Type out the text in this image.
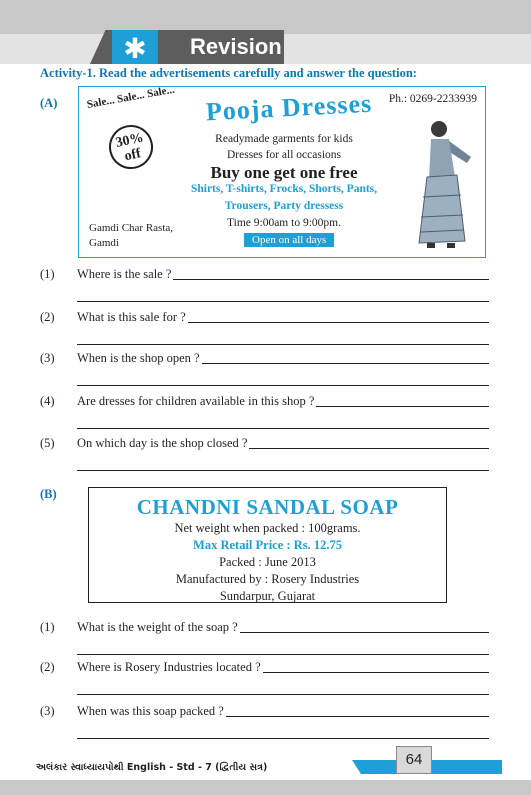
✱	Revision
Activity-1. Read the advertisements carefully and answer the question:
(A)	Sale... Sale... Sale...
30%
off
Ph.: 0269-2233939
Pooja Dresses
Readymade garments for kids
Dresses for all occasions
Buy one get one free
Shirts, T-shirts, Frocks, Shorts, Pants,
Trousers, Party dressess
Time 9:00am to 9:00pm.
Open on all days
Gamdi Char Rasta,
Gamdi
(1) Where is the sale ?
(2) What is this sale for ?
(3) When is the shop open ?
(4) Are dresses for children available in this shop ?
(5) On which day is the shop closed ?
(B)
CHANDNI SANDAL SOAP
Net weight when packed : 100grams.
Max Retail Price : Rs. 12.75
Packed : June 2013
Manufactured by : Rosery Industries
Sundarpur, Gujarat
(1) What is the weight of the soap ?
(2) Where is Rosery Industries located ?
(3) When was this soap packed ?
અલંકાર સ્વાધ્યાયપોથી English - Std - 7 (દ્વિતીય સત્ર)	64
